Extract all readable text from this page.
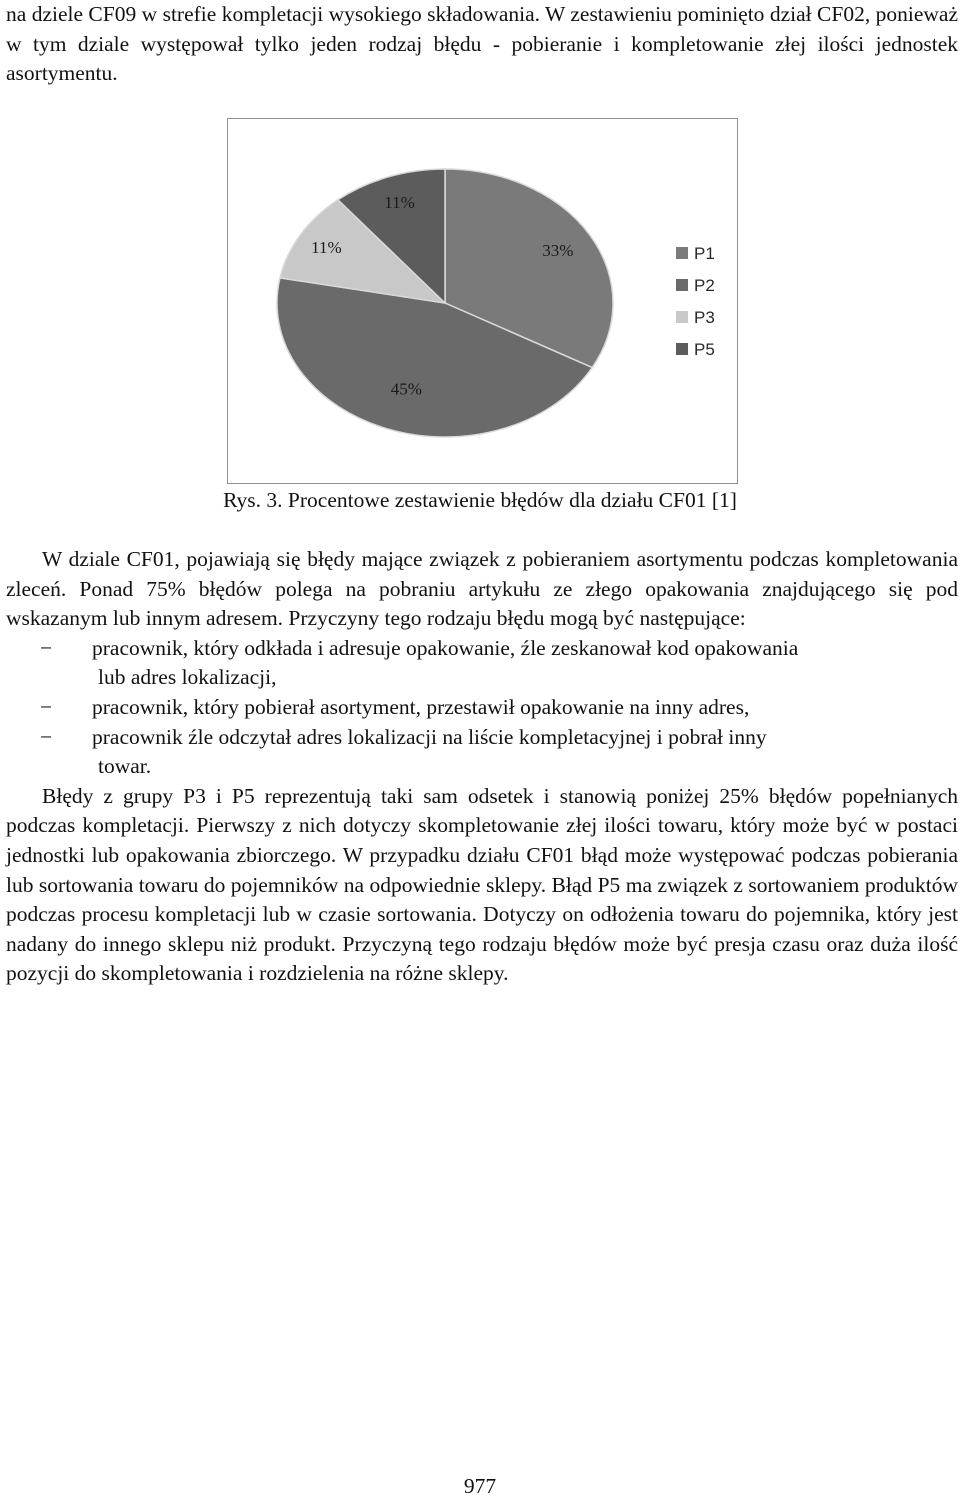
na dziele CF09 w strefie kompletacji wysokiego składowania. W zestawieniu pominięto dział CF02, ponieważ w tym dziale występował tylko jeden rodzaj błędu - pobieranie i kompletowanie złej ilości jednostek asortymentu.

33%
45%
11%
11%
P1
P2
P3
P5
Rys. 3. Procentowe zestawienie błędów dla działu CF01 [1]

W dziale CF01, pojawiają się błędy mające związek z pobieraniem asortymentu podczas kompletowania zleceń. Ponad 75% błędów polega na pobraniu artykułu ze złego opakowania znajdującego się pod wskazanym lub innym adresem. Przyczyny tego rodzaju błędu mogą być następujące:

− pracownik, który odkłada i adresuje opakowanie, źle zeskanował kod opakowania
lub adres lokalizacji,
− pracownik, który pobierał asortyment, przestawił opakowanie na inny adres,
− pracownik źle odczytał adres lokalizacji na liście kompletacyjnej i pobrał inny
towar.

Błędy z grupy P3 i P5 reprezentują taki sam odsetek i stanowią poniżej 25% błędów popełnianych podczas kompletacji. Pierwszy z nich dotyczy skompletowanie złej ilości towaru, który może być w postaci jednostki lub opakowania zbiorczego. W przypadku działu CF01 błąd może występować podczas pobierania lub sortowania towaru do pojemników na odpowiednie sklepy. Błąd P5 ma związek z sortowaniem produktów podczas procesu kompletacji lub w czasie sortowania. Dotyczy on odłożenia towaru do pojemnika, który jest nadany do innego sklepu niż produkt. Przyczyną tego rodzaju błędów może być presja czasu oraz duża ilość pozycji do skompletowania i rozdzielenia na różne sklepy.

977
